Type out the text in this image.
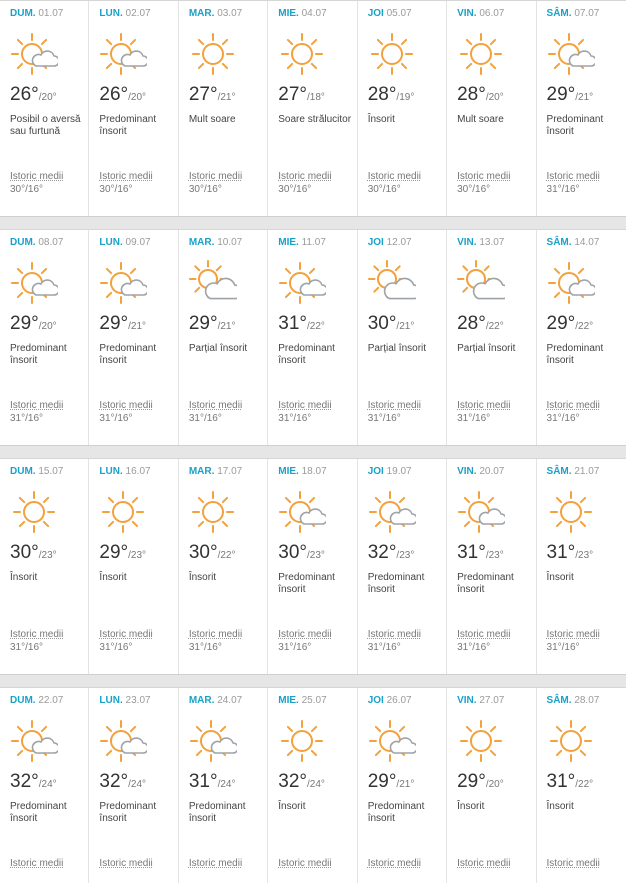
DUM. 01.07
26°/20°
Posibil o aversă sau furtună
Istoric medii
30°/16°
LUN. 02.07
26°/20°
Predominant însorit
Istoric medii
30°/16°
MAR. 03.07
27°/21°
Mult soare
Istoric medii
30°/16°
MIE. 04.07
27°/18°
Soare strălucitor
Istoric medii
30°/16°
JOI 05.07
28°/19°
Însorit
Istoric medii
30°/16°
VIN. 06.07
28°/20°
Mult soare
Istoric medii
30°/16°
SÂM. 07.07
29°/21°
Predominant însorit
Istoric medii
31°/16°
DUM. 08.07
29°/20°
Predominant însorit
Istoric medii
31°/16°
LUN. 09.07
29°/21°
Predominant însorit
Istoric medii
31°/16°
MAR. 10.07
29°/21°
Parțial însorit
Istoric medii
31°/16°
MIE. 11.07
31°/22°
Predominant însorit
Istoric medii
31°/16°
JOI 12.07
30°/21°
Parțial însorit
Istoric medii
31°/16°
VIN. 13.07
28°/22°
Parțial însorit
Istoric medii
31°/16°
SÂM. 14.07
29°/22°
Predominant însorit
Istoric medii
31°/16°
DUM. 15.07
30°/23°
Însorit
Istoric medii
31°/16°
LUN. 16.07
29°/23°
Însorit
Istoric medii
31°/16°
MAR. 17.07
30°/22°
Însorit
Istoric medii
31°/16°
MIE. 18.07
30°/23°
Predominant însorit
Istoric medii
31°/16°
JOI 19.07
32°/23°
Predominant însorit
Istoric medii
31°/16°
VIN. 20.07
31°/23°
Predominant însorit
Istoric medii
31°/16°
SÂM. 21.07
31°/23°
Însorit
Istoric medii
31°/16°
DUM. 22.07
32°/24°
Predominant însorit
Istoric medii
LUN. 23.07
32°/24°
Predominant însorit
Istoric medii
MAR. 24.07
31°/24°
Predominant însorit
Istoric medii
MIE. 25.07
32°/24°
Însorit
Istoric medii
JOI 26.07
29°/21°
Predominant însorit
Istoric medii
VIN. 27.07
29°/20°
Însorit
Istoric medii
SÂM. 28.07
31°/22°
Însorit
Istoric medii
